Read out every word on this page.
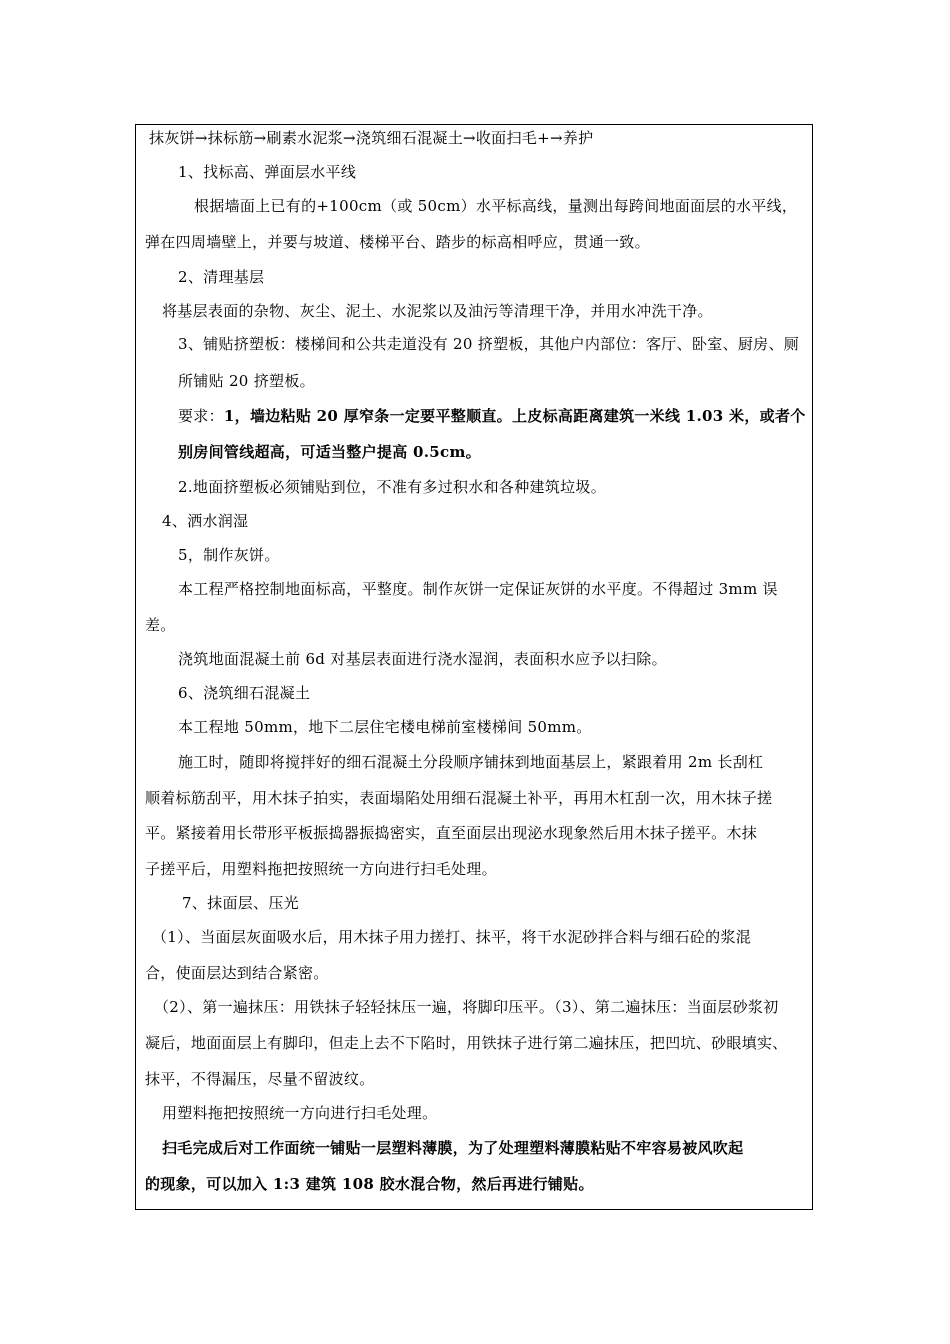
抹灰饼→抹标筋→刷素水泥浆→浇筑细石混凝土→收面扫毛+→养护
1、找标高、弹面层水平线
根据墙面上已有的+100cm（或 50cm）水平标高线，量测出每跨间地面面层的水平线，
弹在四周墙壁上，并要与坡道、楼梯平台、踏步的标高相呼应，贯通一致。
2、清理基层
将基层表面的杂物、灰尘、泥土、水泥浆以及油污等清理干净，并用水冲洗干净。
3、铺贴挤塑板：楼梯间和公共走道没有 20 挤塑板，其他户内部位：客厅、卧室、厨房、厕
所铺贴 20 挤塑板。
要求：1，墙边粘贴 20 厚窄条一定要平整顺直。上皮标高距离建筑一米线 1.03 米，或者个
别房间管线超高，可适当整户提高 0.5cm。
2.地面挤塑板必须铺贴到位，不准有多过积水和各种建筑垃圾。
4、洒水润湿
5，制作灰饼。
本工程严格控制地面标高，平整度。制作灰饼一定保证灰饼的水平度。不得超过 3mm 误
差。
浇筑地面混凝土前 6d 对基层表面进行浇水湿润，表面积水应予以扫除。
6、浇筑细石混凝土
本工程地 50mm，地下二层住宅楼电梯前室楼梯间 50mm。
施工时，随即将搅拌好的细石混凝土分段顺序铺抹到地面基层上，紧跟着用 2m 长刮杠
顺着标筋刮平，用木抹子拍实，表面塌陷处用细石混凝土补平，再用木杠刮一次，用木抹子搓
平。紧接着用长带形平板振捣器振捣密实，直至面层出现泌水现象然后用木抹子搓平。木抹
子搓平后，用塑料拖把按照统一方向进行扫毛处理。
7、抹面层、压光
（1）、当面层灰面吸水后，用木抹子用力搓打、抹平，将干水泥砂拌合料与细石砼的浆混
合，使面层达到结合紧密。
（2）、第一遍抹压：用铁抹子轻轻抹压一遍，将脚印压平。（3）、第二遍抹压：当面层砂浆初
凝后，地面面层上有脚印，但走上去不下陷时，用铁抹子进行第二遍抹压，把凹坑、砂眼填实、
抹平，不得漏压，尽量不留波纹。
用塑料拖把按照统一方向进行扫毛处理。
扫毛完成后对工作面统一铺贴一层塑料薄膜，为了处理塑料薄膜粘贴不牢容易被风吹起
的现象，可以加入 1:3 建筑 108 胶水混合物，然后再进行铺贴。
